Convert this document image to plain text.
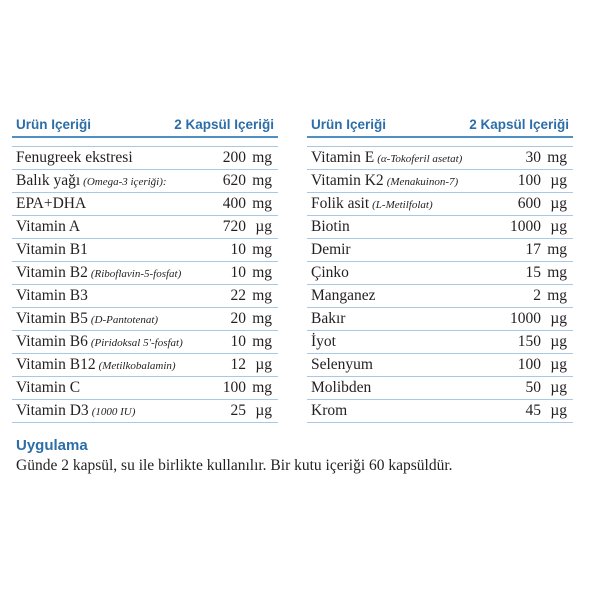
Urün Içeriği	2 Kapsül Içeriği
Fenugreek ekstresi	200 mg
Balık yağı (Omega-3 içeriği):	620 mg
EPA+DHA	400 mg
Vitamin A	720 µg
Vitamin B1	10 mg
Vitamin B2 (Riboflavin-5-fosfat)	10 mg
Vitamin B3	22 mg
Vitamin B5 (D-Pantotenat)	20 mg
Vitamin B6 (Piridoksal 5′-fosfat)	10 mg
Vitamin B12 (Metilkobalamin)	12 µg
Vitamin C	100 mg
Vitamin D3 (1000 IU)	25 µg
Urün Içeriği	2 Kapsül Içeriği
Vitamin E (α-Tokoferil asetat)	30 mg
Vitamin K2 (Menakuinon-7)	100 µg
Folik asit (L-Metilfolat)	600 µg
Biotin	1000 µg
Demir	17 mg
Çinko	15 mg
Manganez	2 mg
Bakır	1000 µg
İyot	150 µg
Selenyum	100 µg
Molibden	50 µg
Krom	45 µg
Uygulama
Günde 2 kapsül, su ile birlikte kullanılır. Bir kutu içeriği 60 kapsüldür.
